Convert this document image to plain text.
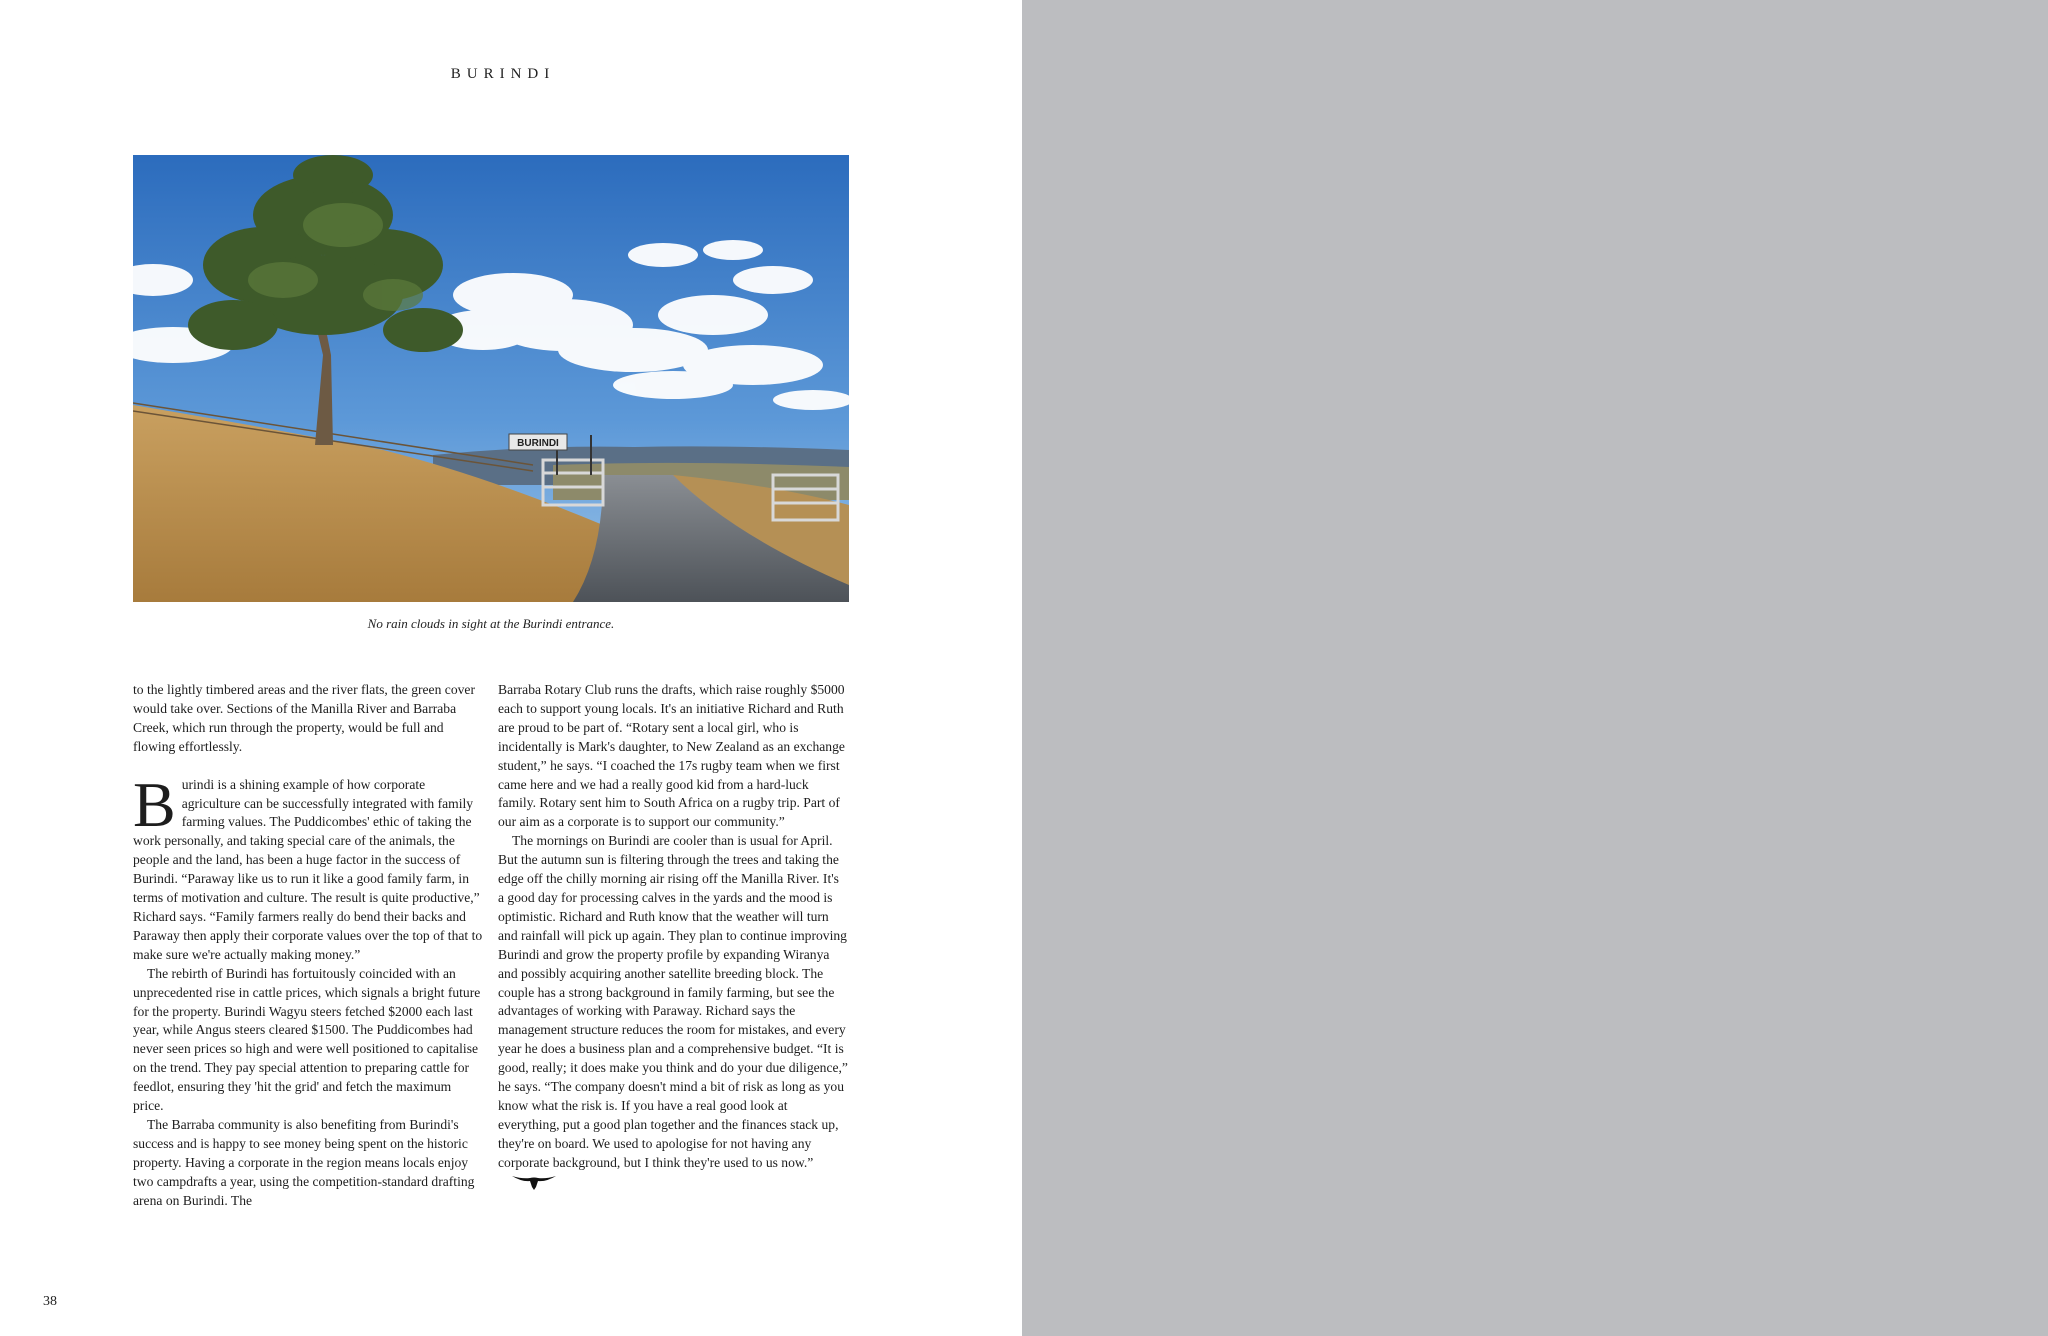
BURINDI
BURINDI
No rain clouds in sight at the Burindi entrance.

to the lightly timbered areas and the river flats, the green cover would take over. Sections of the Manilla River and Barraba Creek, which run through the property, would be full and flowing effortlessly.

Burindi is a shining example of how corporate agriculture can be successfully integrated with family farming values. The Puddicombes' ethic of taking the work personally, and taking special care of the animals, the people and the land, has been a huge factor in the success of Burindi. “Paraway like us to run it like a good family farm, in terms of motivation and culture. The result is quite productive,” Richard says. “Family farmers really do bend their backs and Paraway then apply their corporate values over the top of that to make sure we're actually making money.”

The rebirth of Burindi has fortuitously coincided with an unprecedented rise in cattle prices, which signals a bright future for the property. Burindi Wagyu steers fetched $2000 each last year, while Angus steers cleared $1500. The Puddicombes had never seen prices so high and were well positioned to capitalise on the trend. They pay special attention to preparing cattle for feedlot, ensuring they 'hit the grid' and fetch the maximum price.

The Barraba community is also benefiting from Burindi's success and is happy to see money being spent on the historic property. Having a corporate in the region means locals enjoy two campdrafts a year, using the competition-standard drafting arena on Burindi. The

Barraba Rotary Club runs the drafts, which raise roughly $5000 each to support young locals. It's an initiative Richard and Ruth are proud to be part of. “Rotary sent a local girl, who is incidentally is Mark's daughter, to New Zealand as an exchange student,” he says. “I coached the 17s rugby team when we first came here and we had a really good kid from a hard-luck family. Rotary sent him to South Africa on a rugby trip. Part of our aim as a corporate is to support our community.”

The mornings on Burindi are cooler than is usual for April. But the autumn sun is filtering through the trees and taking the edge off the chilly morning air rising off the Manilla River. It's a good day for processing calves in the yards and the mood is optimistic. Richard and Ruth know that the weather will turn and rainfall will pick up again. They plan to continue improving Burindi and grow the property profile by expanding Wiranya and possibly acquiring another satellite breeding block. The couple has a strong background in family farming, but see the advantages of working with Paraway. Richard says the management structure reduces the room for mistakes, and every year he does a business plan and a comprehensive budget. “It is good, really; it does make you think and do your due diligence,” he says. “The company doesn't mind a bit of risk as long as you know what the risk is. If you have a real good look at everything, put a good plan together and the finances stack up, they're on board. We used to apologise for not having any corporate background, but I think they're used to us now.”

38
